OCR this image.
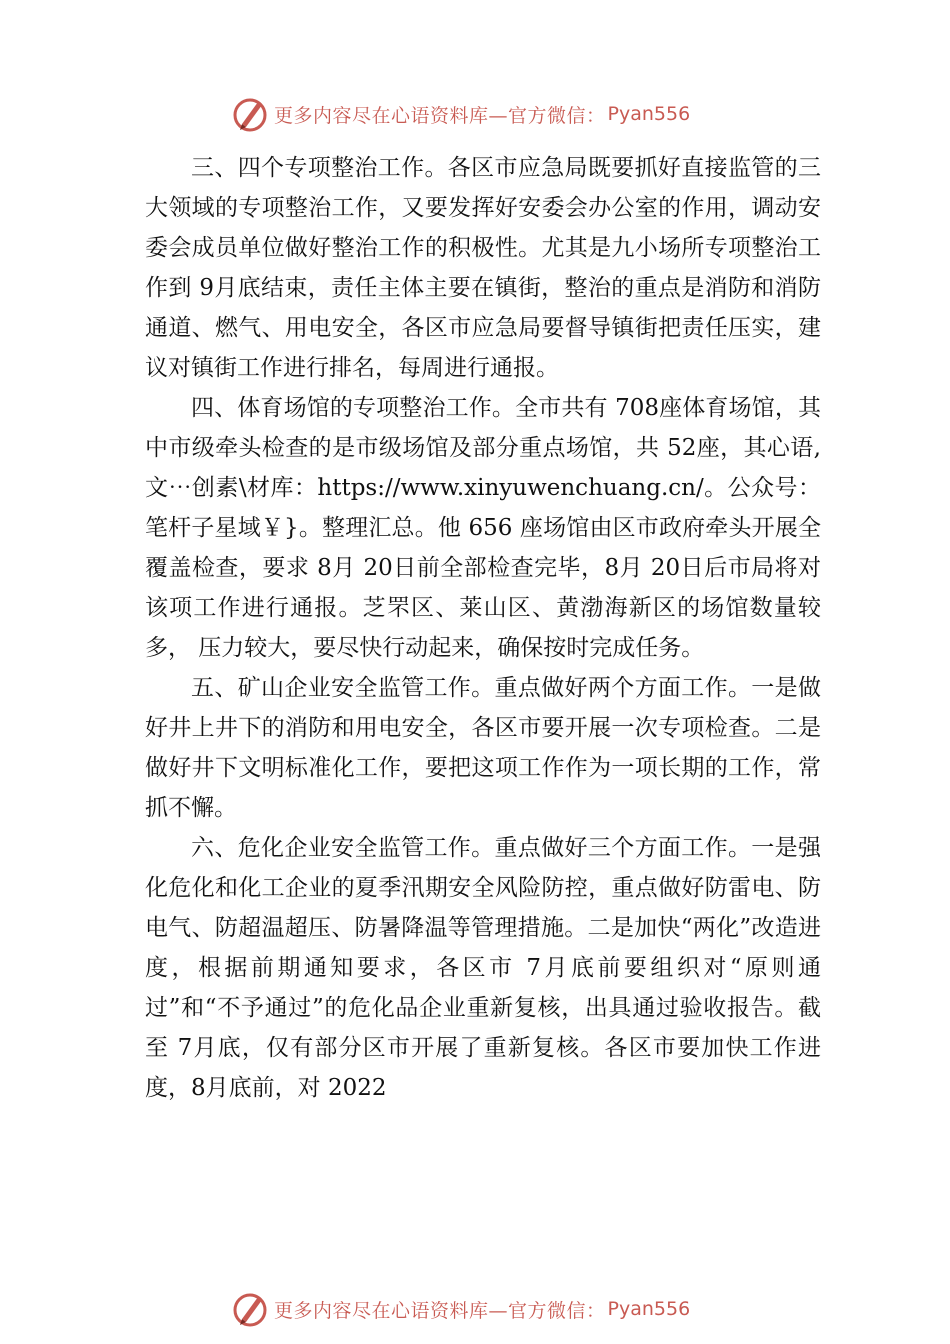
更多内容尽在心语资料库—官方微信： Pyan556

三、四个专项整治工作。各区市应急局既要抓好直接监管的三大领域的专项整治工作，又要发挥好安委会办公室的作用，调动安委会成员单位做好整治工作的积极性。尤其是九小场所专项整治工作到 9月底结束，责任主体主要在镇街，整治的重点是消防和消防通道、燃气、用电安全，各区市应急局要督导镇街把责任压实，建议对镇街工作进行排名，每周进行通报。

四、体育场馆的专项整治工作。全市共有 708座体育场馆，其中市级牵头检查的是市级场馆及部分重点场馆，共 52座，其心语,文⋯创素\材库：https://www.xinyuwenchuang.cn/。公众号：笔杆子星域￥}。整理汇总。他 656 座场馆由区市政府牵头开展全覆盖检查，要求 8月 20日前全部检查完毕，8月 20日后市局将对该项工作进行通报。芝罘区、莱山区、黄渤海新区的场馆数量较多， 压力较大，要尽快行动起来，确保按时完成任务。

五、矿山企业安全监管工作。重点做好两个方面工作。一是做好井上井下的消防和用电安全，各区市要开展一次专项检查。二是做好井下文明标准化工作，要把这项工作作为一项长期的工作，常抓不懈。

六、危化企业安全监管工作。重点做好三个方面工作。一是强化危化和化工企业的夏季汛期安全风险防控，重点做好防雷电、防电气、防超温超压、防暑降温等管理措施。二是加快“两化”改造进度，根据前期通知要求，各区市 7月底前要组织对“原则通过”和“不予通过”的危化品企业重新复核，出具通过验收报告。截至 7月底，仅有部分区市开展了重新复核。各区市要加快工作进度，8月底前，对 2022

更多内容尽在心语资料库—官方微信： Pyan556
